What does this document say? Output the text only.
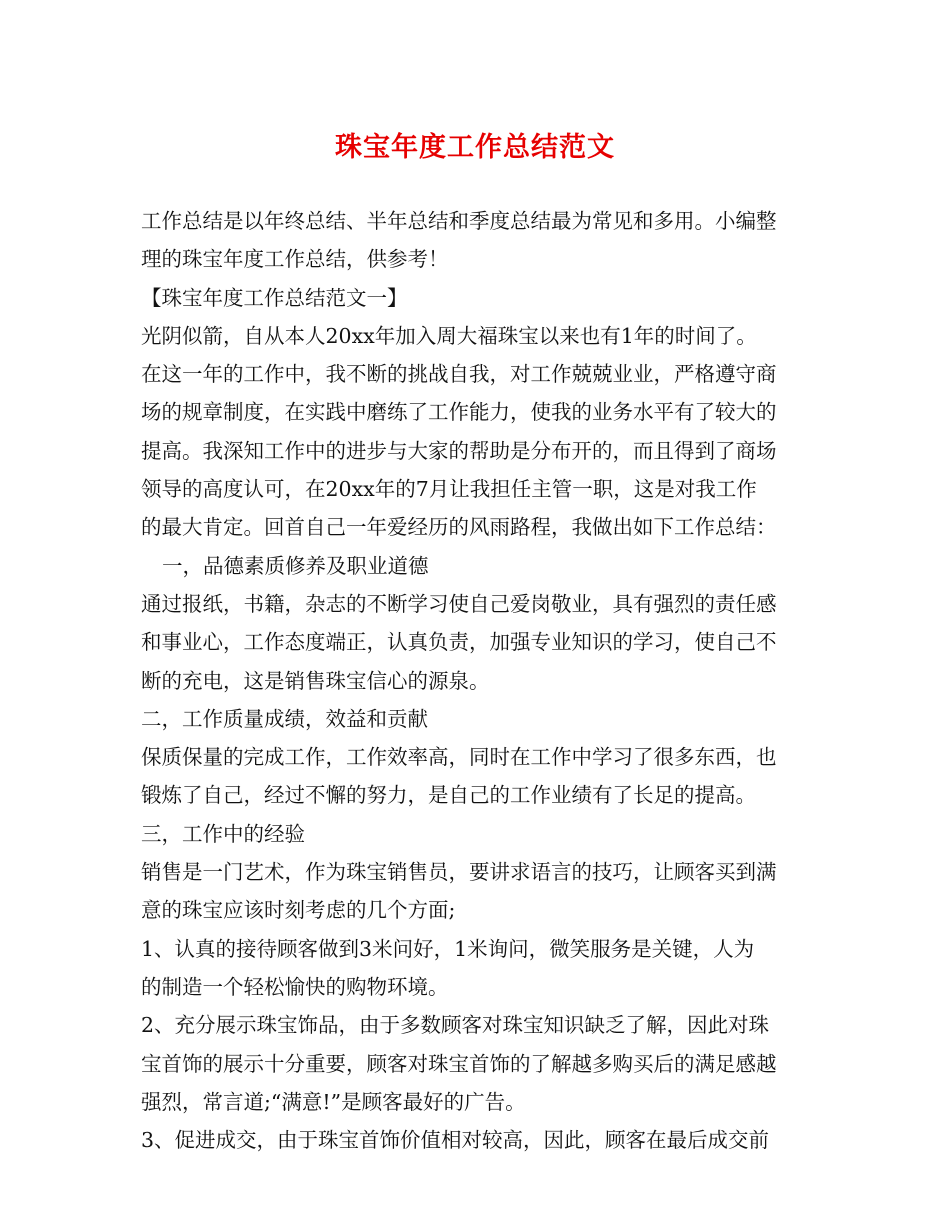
珠宝年度工作总结范文

工作总结是以年终总结、半年总结和季度总结最为常见和多用。小编整

理的珠宝年度工作总结，供参考！

【珠宝年度工作总结范文一】

光阴似箭，自从本人20xx年加入周大福珠宝以来也有1年的时间了。

在这一年的工作中，我不断的挑战自我，对工作兢兢业业，严格遵守商

场的规章制度，在实践中磨练了工作能力，使我的业务水平有了较大的

提高。我深知工作中的进步与大家的帮助是分布开的，而且得到了商场

领导的高度认可，在20xx年的7月让我担任主管一职，这是对我工作

的最大肯定。回首自己一年爱经历的风雨路程，我做出如下工作总结：

一，品德素质修养及职业道德

通过报纸，书籍，杂志的不断学习使自己爱岗敬业，具有强烈的责任感

和事业心，工作态度端正，认真负责，加强专业知识的学习，使自己不

断的充电，这是销售珠宝信心的源泉。

二，工作质量成绩，效益和贡献

保质保量的完成工作，工作效率高，同时在工作中学习了很多东西，也

锻炼了自己，经过不懈的努力，是自己的工作业绩有了长足的提高。

三，工作中的经验

销售是一门艺术，作为珠宝销售员，要讲求语言的技巧，让顾客买到满

意的珠宝应该时刻考虑的几个方面;

1、认真的接待顾客做到3米问好，1米询问，微笑服务是关键，人为

的制造一个轻松愉快的购物环境。

2、充分展示珠宝饰品，由于多数顾客对珠宝知识缺乏了解，因此对珠

宝首饰的展示十分重要，顾客对珠宝首饰的了解越多购买后的满足感越

强烈，常言道;“满意!”是顾客最好的广告。

3、促进成交，由于珠宝首饰价值相对较高，因此，顾客在最后成交前
